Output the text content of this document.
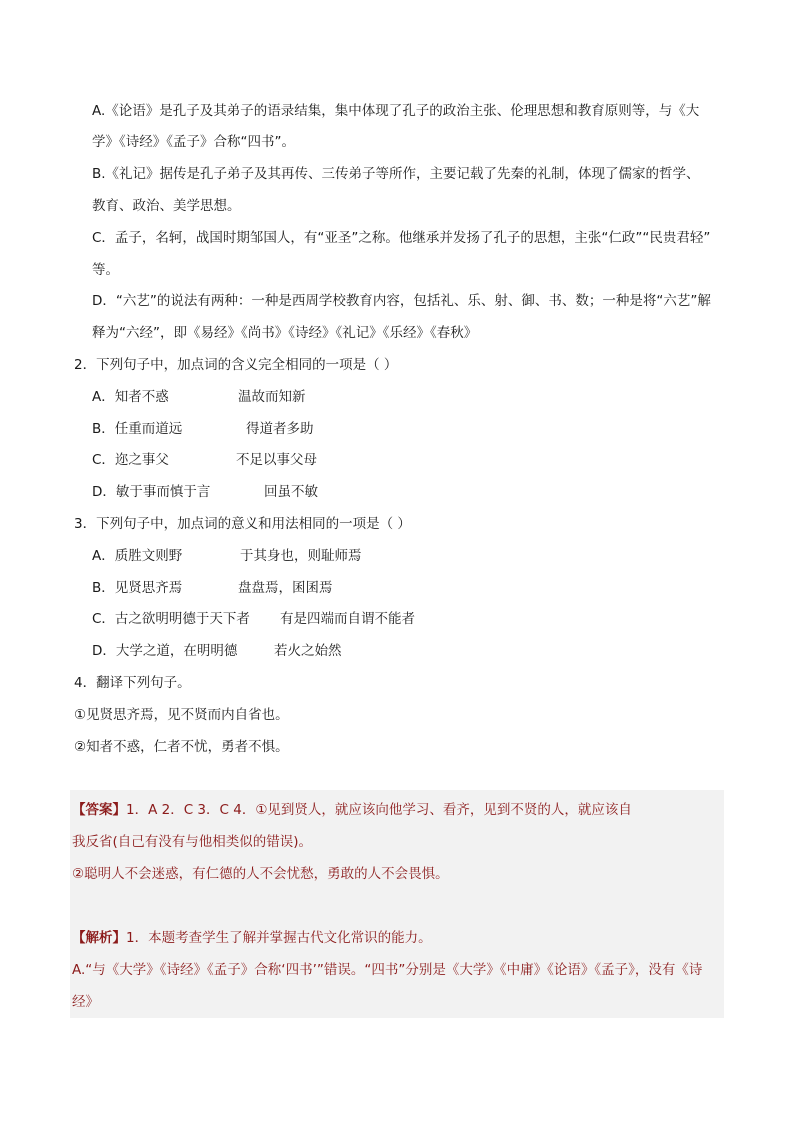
A.《论语》是孔子及其弟子的语录结集，集中体现了孔子的政治主张、伦理思想和教育原则等，与《大
学》《诗经》《孟子》合称“四书”。
B.《礼记》据传是孔子弟子及其再传、三传弟子等所作，主要记载了先秦的礼制，体现了儒家的哲学、
教育、政治、美学思想。
C．孟子，名轲，战国时期邹国人，有“亚圣”之称。他继承并发扬了孔子的思想，主张“仁政”“民贵君轻”
等。
D．“六艺”的说法有两种：一种是西周学校教育内容，包括礼、乐、射、御、书、数；一种是将“六艺”解
释为“六经”，即《易经》《尚书》《诗经》《礼记》《乐经》《春秋》
2．下列句子中，加点词的含义完全相同的一项是（ ）
A．知者不惑	温故而知新
B．任重而道远	得道者多助
C．迩之事父	不足以事父母
D．敏于事而慎于言	回虽不敏
3．下列句子中，加点词的意义和用法相同的一项是（ ）
A．质胜文则野	于其身也，则耻师焉
B．见贤思齐焉	盘盘焉，囷囷焉
C．古之欲明明德于天下者 有是四端而自谓不能者
D．大学之道，在明明德	若火之始然
4．翻译下列句子。
①见贤思齐焉，见不贤而内自省也。
②知者不惑，仁者不忧，勇者不惧。
【答案】1．A 2．C 3．C 4．①见到贤人，就应该向他学习、看齐，见到不贤的人，就应该自
我反省(自己有没有与他相类似的错误)。
②聪明人不会迷惑，有仁德的人不会忧愁，勇敢的人不会畏惧。
【解析】1．本题考查学生了解并掌握古代文化常识的能力。
A.“与《大学》《诗经》《孟子》合称‘四书’”错误。“四书”分别是《大学》《中庸》《论语》《孟子》，没有《诗
经》
